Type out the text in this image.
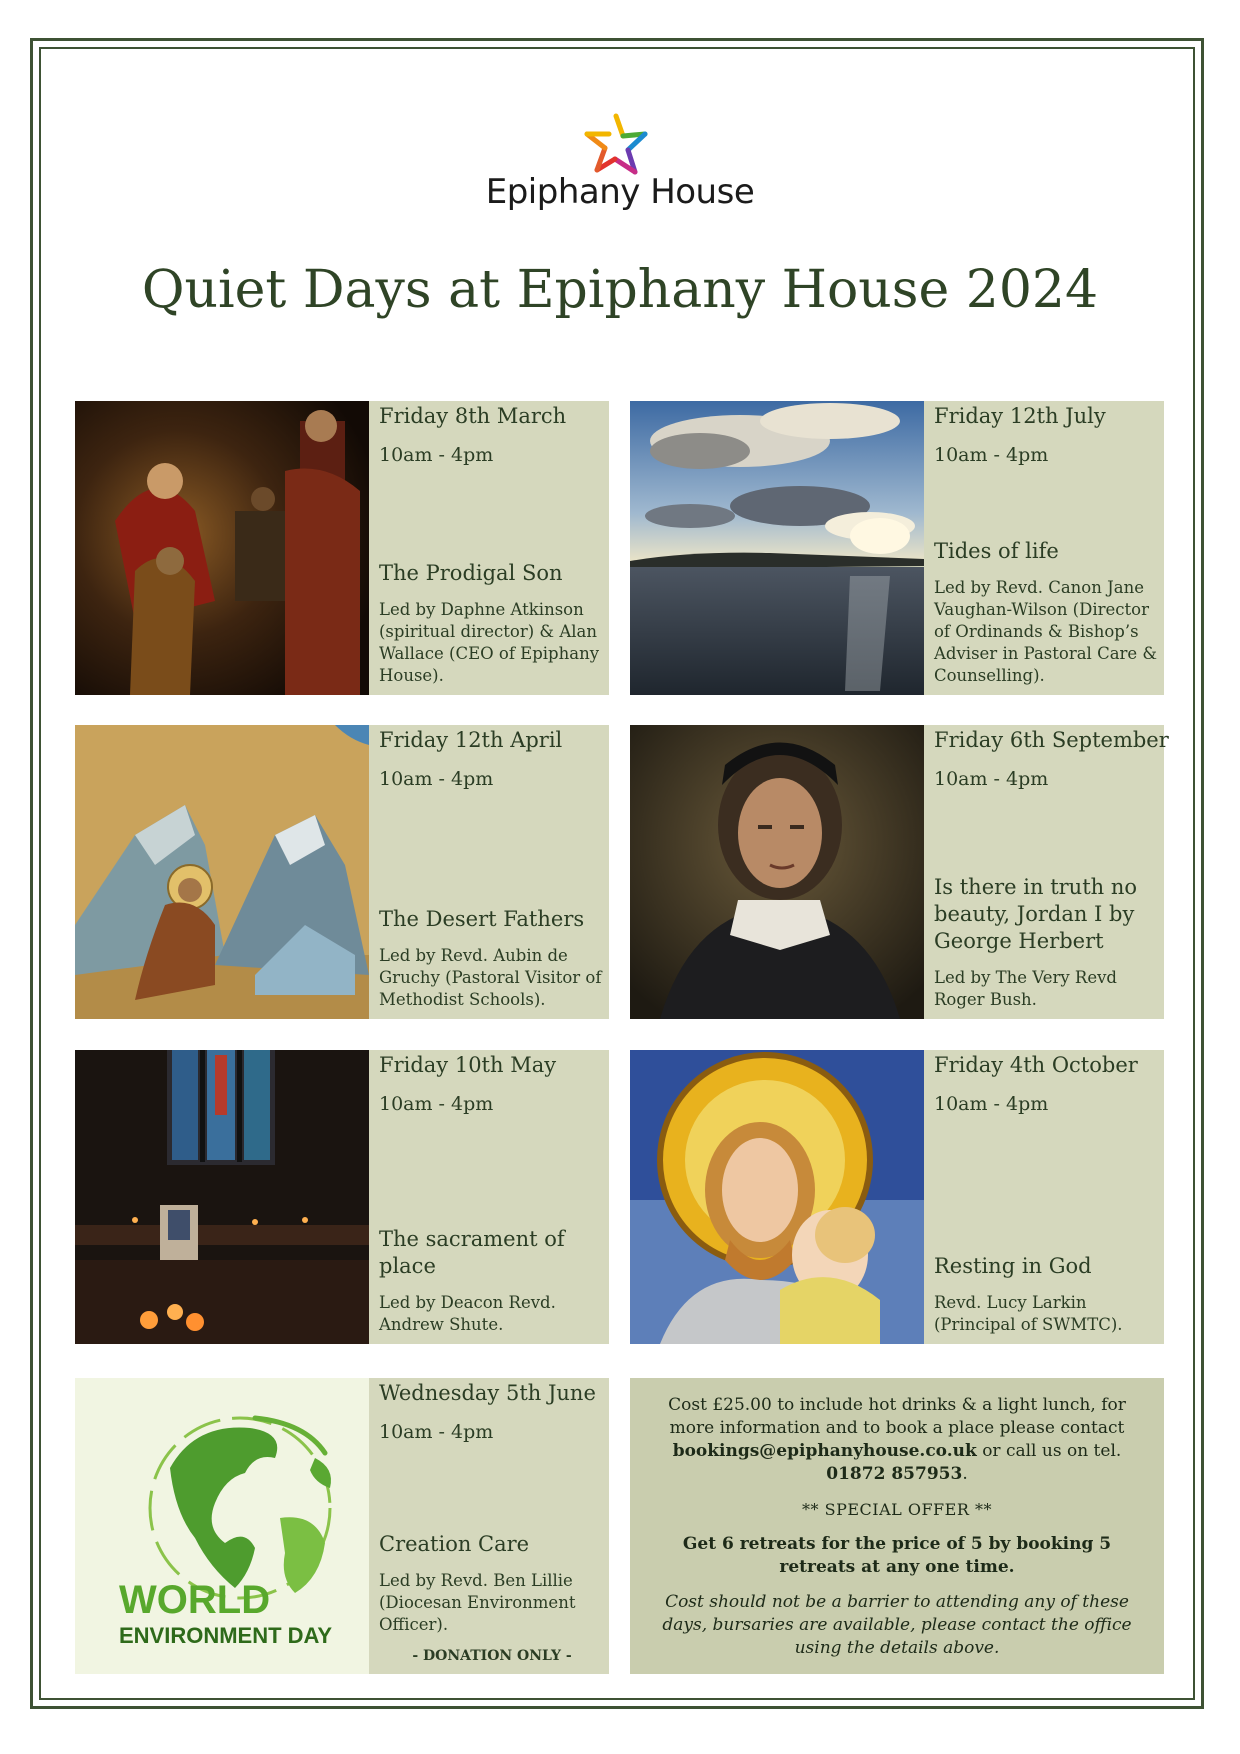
Epiphany House
Quiet Days at Epiphany House 2024
Friday 8th March
10am - 4pm
The Prodigal Son
Led by Daphne Atkinson (spiritual director) & Alan Wallace (CEO of Epiphany House).
Friday 12th July
10am - 4pm
Tides of life
Led by Revd. Canon Jane Vaughan-Wilson (Director of Ordinands & Bishop’s Adviser in Pastoral Care & Counselling).
Friday 12th April
10am - 4pm
The Desert Fathers
Led by Revd. Aubin de Gruchy (Pastoral Visitor of Methodist Schools).
Friday 6th September
10am - 4pm
Is there in truth no beauty, Jordan I by George Herbert
Led by The Very Revd Roger Bush.
Friday 10th May
10am - 4pm
The sacrament of place
Led by Deacon Revd. Andrew Shute.
Friday 4th October
10am - 4pm
Resting in God
Revd. Lucy Larkin (Principal of SWMTC).
WORLD
ENVIRONMENT DAY
Wednesday 5th June
10am - 4pm
Creation Care
Led by Revd. Ben Lillie (Diocesan Environment Officer).
- DONATION ONLY -

Cost £25.00 to include hot drinks & a light lunch, for more information and to book a place please contact bookings@epiphanyhouse.co.uk or call us on tel. 01872 857953.

** SPECIAL OFFER **

Get 6 retreats for the price of 5 by booking 5 retreats at any one time.

Cost should not be a barrier to attending any of these days, bursaries are available, please contact the office using the details above.
